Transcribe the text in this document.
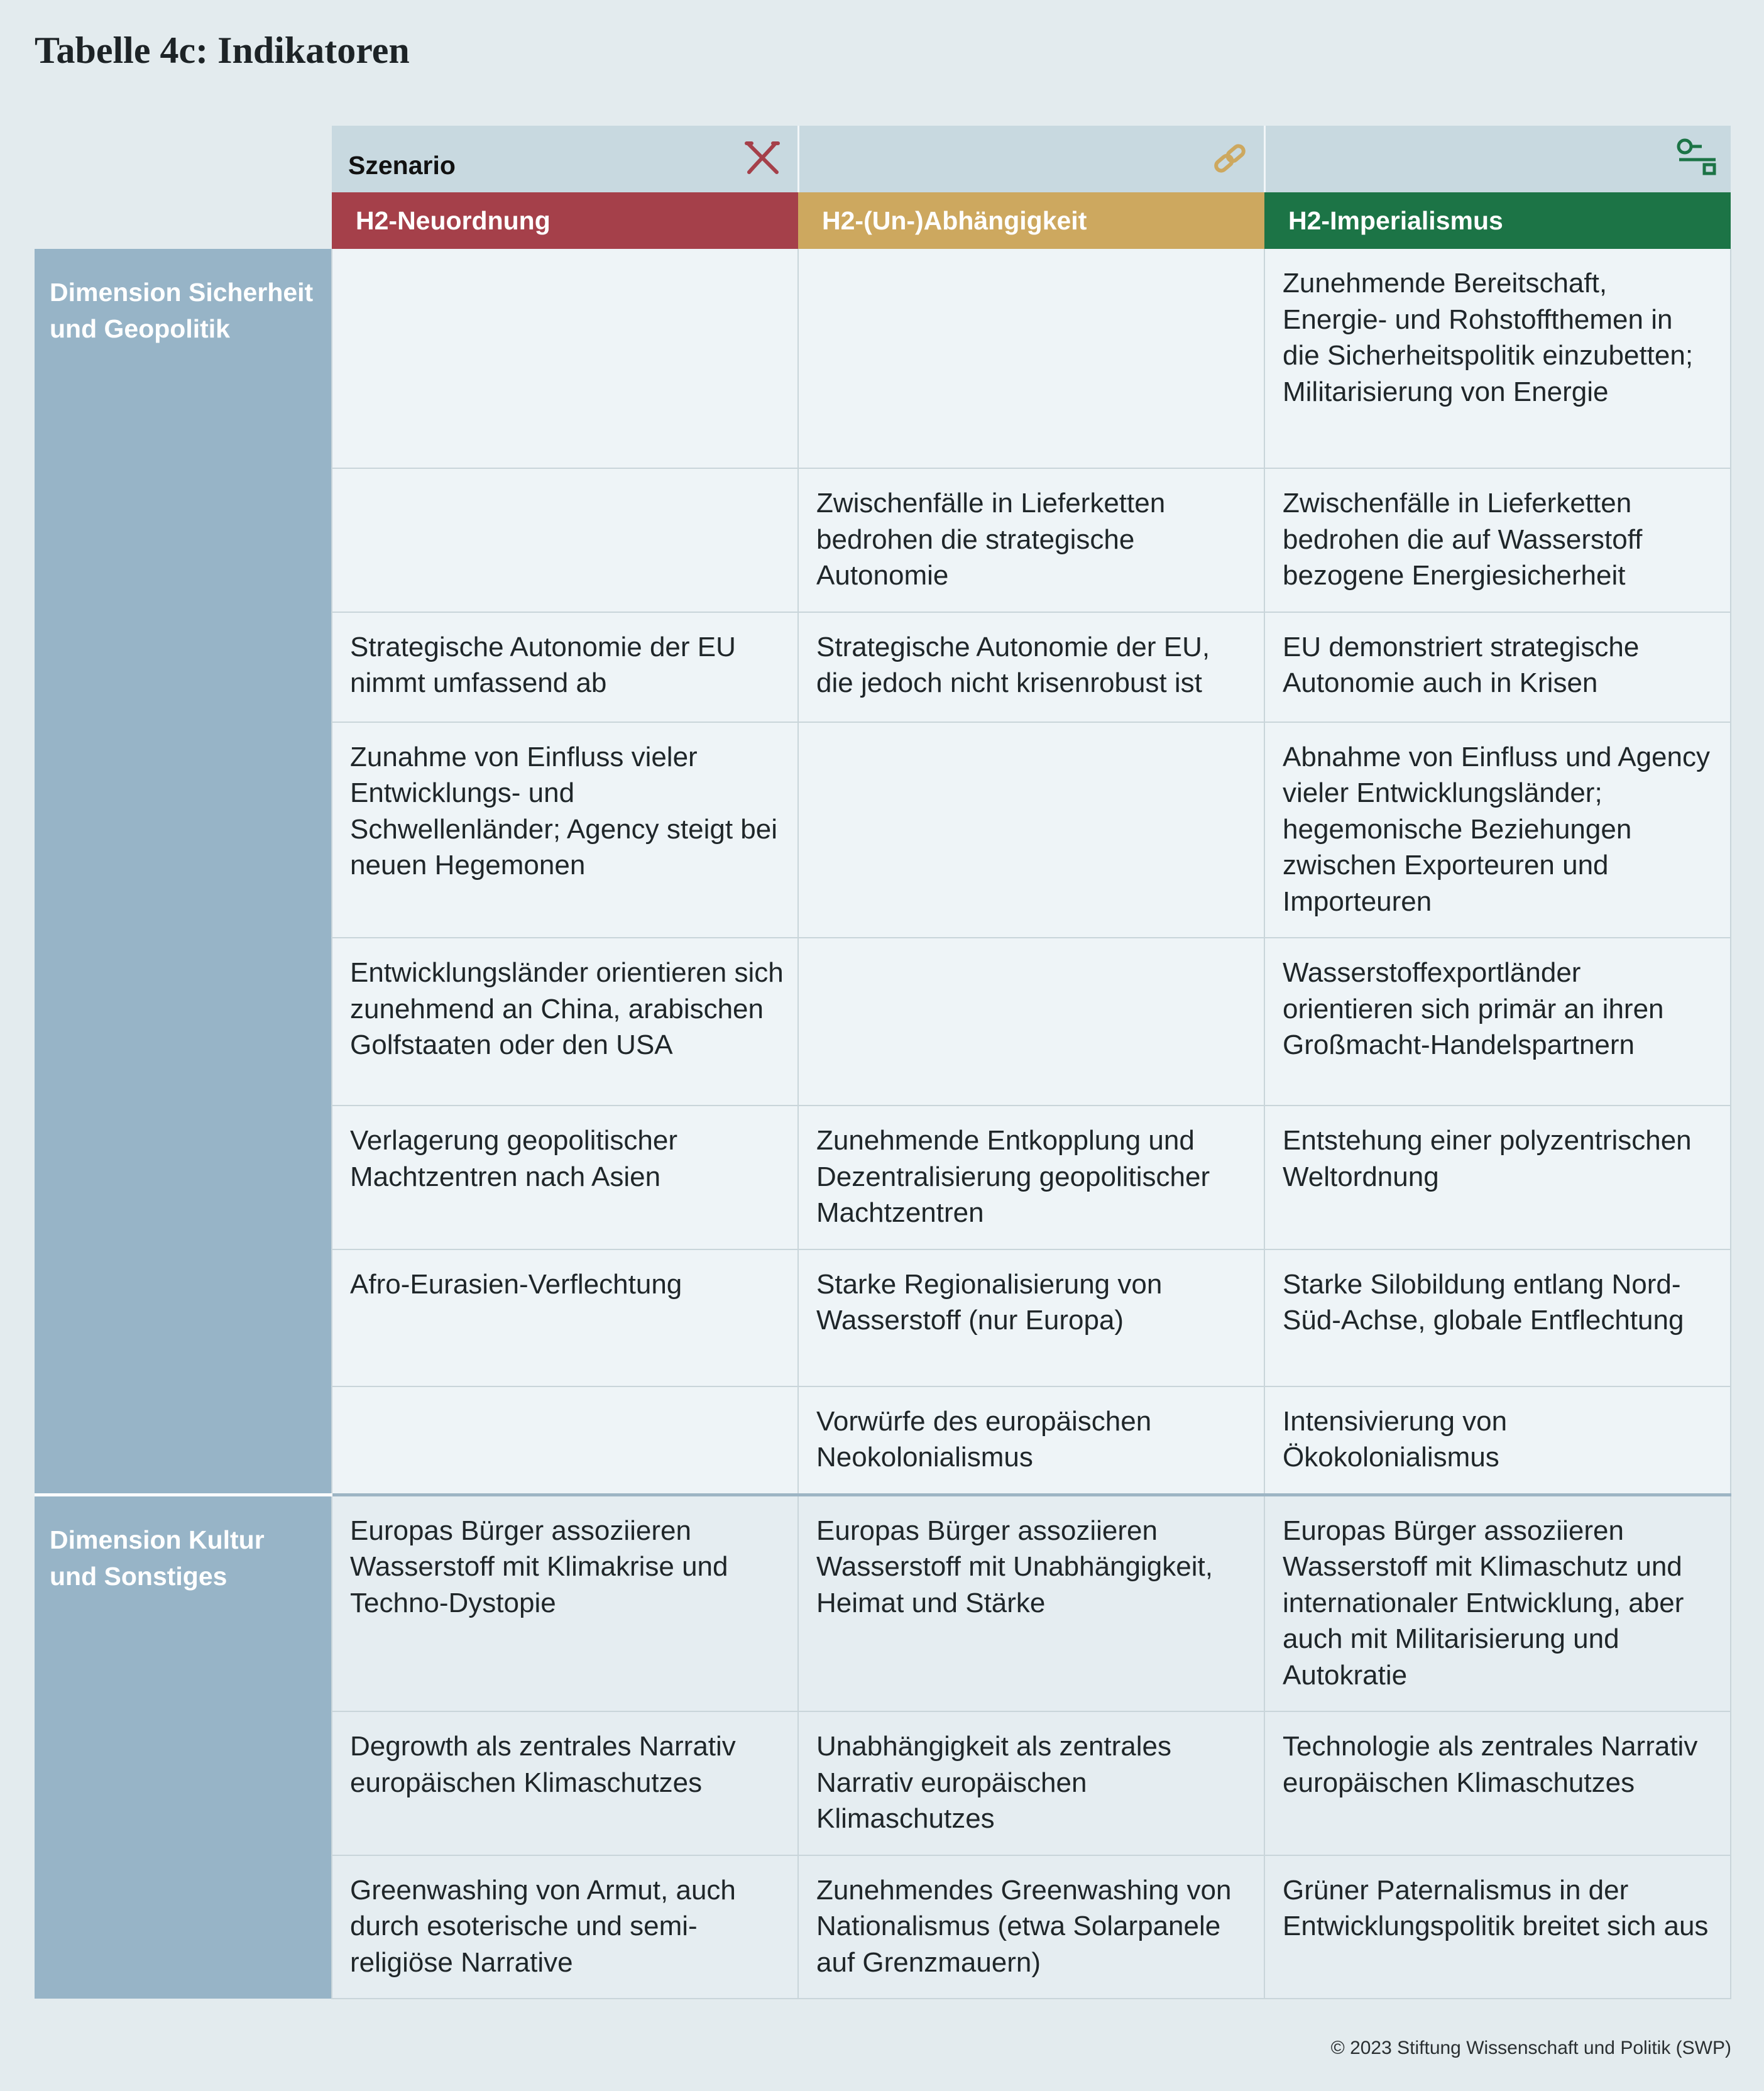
Tabelle 4c: Indikatoren

	Szenario

	H2-Neuordnung	H2-(Un-)Abhängigkeit	H2-Imperialismus

Dimension Sicherheit und Geopolitik			Zunehmende Bereitschaft, Energie- und Rohstoffthemen in die Sicherheitspolitik einzubetten; Militarisierung von Energie

		Zwischenfälle in Lieferketten bedrohen die strategische Autonomie	Zwischenfälle in Lieferketten bedrohen die auf Wasserstoff bezogene Energiesicherheit

	Strategische Autonomie der EU nimmt umfassend ab	Strategische Autonomie der EU, die jedoch nicht krisenrobust ist	EU demonstriert strategische Autonomie auch in Krisen

	Zunahme von Einfluss vieler Entwicklungs- und Schwellenländer; Agency steigt bei neuen Hegemonen		Abnahme von Einfluss und Agency vieler Entwicklungsländer; hegemonische Beziehungen zwischen Exporteuren und Importeuren

	Entwicklungsländer orientieren sich zunehmend an China, arabischen Golfstaaten oder den USA		Wasserstoffexportländer orientieren sich primär an ihren Großmacht-Handelspartnern

	Verlagerung geopolitischer Machtzentren nach Asien	Zunehmende Entkopplung und Dezentralisierung geopolitischer Machtzentren	Entstehung einer polyzentrischen Weltordnung

	Afro-Eurasien-Verflechtung	Starke Regionalisierung von Wasserstoff (nur Europa)	Starke Silobildung entlang Nord-Süd-Achse, globale Entflechtung

		Vorwürfe des europäischen Neokolonialismus	Intensivierung von Ökokolonialismus

Dimension Kultur und Sonstiges	Europas Bürger assoziieren Wasserstoff mit Klimakrise und Techno-Dystopie	Europas Bürger assoziieren Wasserstoff mit Unabhängigkeit, Heimat und Stärke	Europas Bürger assoziieren Wasserstoff mit Klimaschutz und internationaler Entwicklung, aber auch mit Militarisierung und Autokratie

	Degrowth als zentrales Narrativ europäischen Klimaschutzes	Unabhängigkeit als zentrales Narrativ europäischen Klimaschutzes	Technologie als zentrales Narrativ europäischen Klimaschutzes

	Greenwashing von Armut, auch durch esoterische und semi-religiöse Narrative	Zunehmendes Greenwashing von Nationalismus (etwa Solarpanele auf Grenzmauern)	Grüner Paternalismus in der Entwicklungspolitik breitet sich aus
© 2023 Stiftung Wissenschaft und Politik (SWP)
